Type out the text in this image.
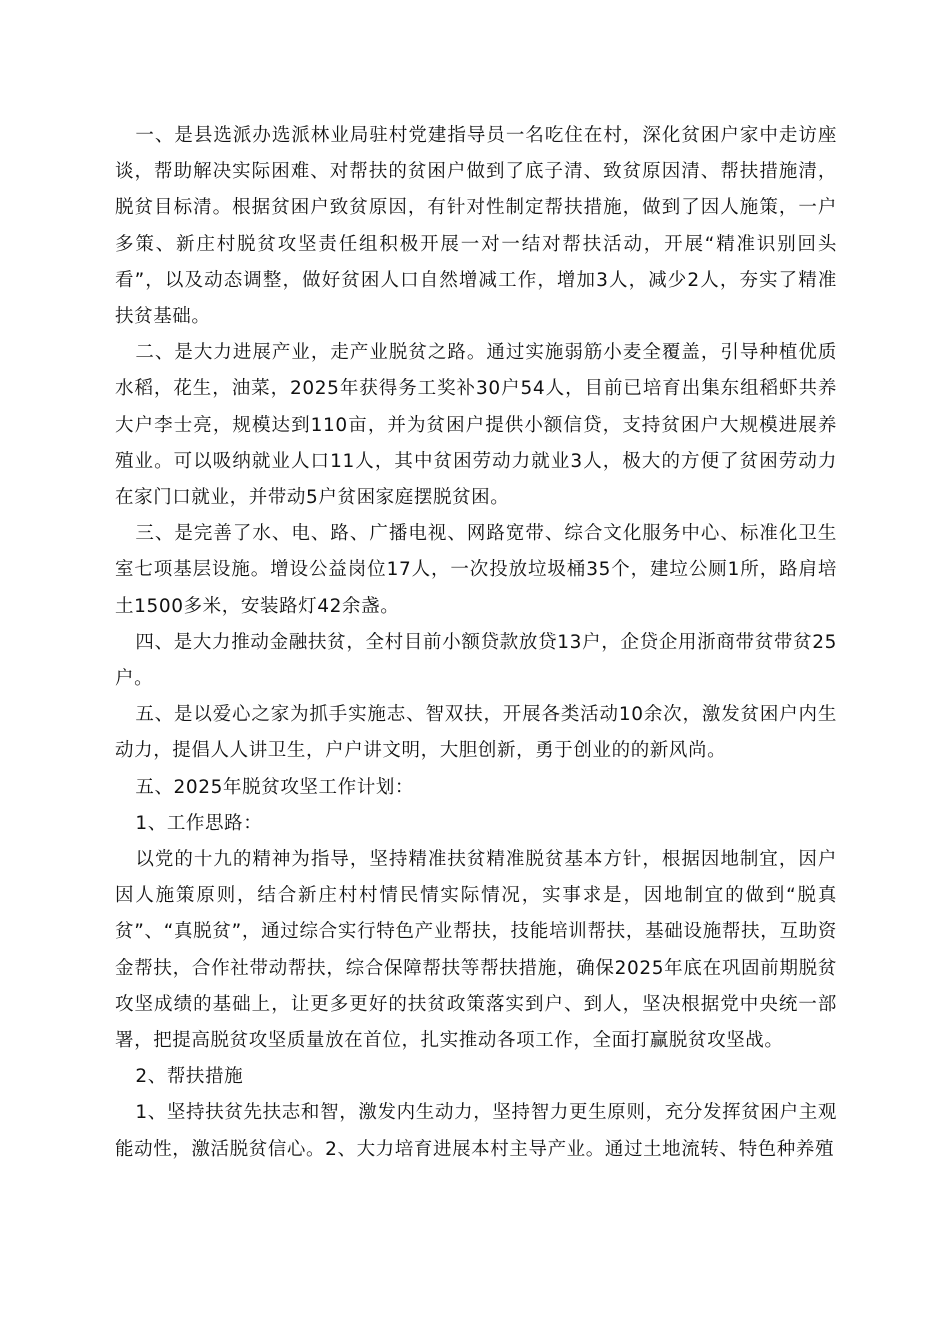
一、是县选派办选派林业局驻村党建指导员一名吃住在村，深化贫困户家中走访座谈，帮助解决实际困难、对帮扶的贫困户做到了底子清、致贫原因清、帮扶措施清，脱贫目标清。根据贫困户致贫原因，有针对性制定帮扶措施，做到了因人施策，一户多策、新庄村脱贫攻坚责任组积极开展一对一结对帮扶活动，开展“精准识别回头看”，以及动态调整，做好贫困人口自然增减工作，增加3人，减少2人，夯实了精准扶贫基础。

二、是大力进展产业，走产业脱贫之路。通过实施弱筋小麦全覆盖，引导种植优质水稻，花生，油菜，2025年获得务工奖补30户54人，目前已培育出集东组稻虾共养大户李士亮，规模达到110亩，并为贫困户提供小额信贷，支持贫困户大规模进展养殖业。可以吸纳就业人口11人，其中贫困劳动力就业3人，极大的方便了贫困劳动力在家门口就业，并带动5户贫困家庭摆脱贫困。

三、是完善了水、电、路、广播电视、网路宽带、综合文化服务中心、标准化卫生室七项基层设施。增设公益岗位17人，一次投放垃圾桶35个，建垃公厕1所，路肩培土1500多米，安装路灯42余盏。

四、是大力推动金融扶贫，全村目前小额贷款放贷13户，企贷企用浙商带贫带贫25户。

五、是以爱心之家为抓手实施志、智双扶，开展各类活动10余次，激发贫困户内生动力，提倡人人讲卫生，户户讲文明，大胆创新，勇于创业的的新风尚。

五、2025年脱贫攻坚工作计划：

1、工作思路：

以党的十九的精神为指导，坚持精准扶贫精准脱贫基本方针，根据因地制宜，因户因人施策原则，结合新庄村村情民情实际情况，实事求是，因地制宜的做到“脱真贫”、“真脱贫”，通过综合实行特色产业帮扶，技能培训帮扶，基础设施帮扶，互助资金帮扶，合作社带动帮扶，综合保障帮扶等帮扶措施，确保2025年底在巩固前期脱贫攻坚成绩的基础上，让更多更好的扶贫政策落实到户、到人，坚决根据党中央统一部署，把提高脱贫攻坚质量放在首位，扎实推动各项工作，全面打赢脱贫攻坚战。

2、帮扶措施

1、坚持扶贫先扶志和智，激发内生动力，坚持智力更生原则，充分发挥贫困户主观能动性，激活脱贫信心。2、大力培育进展本村主导产业。通过土地流转、特色种养殖
